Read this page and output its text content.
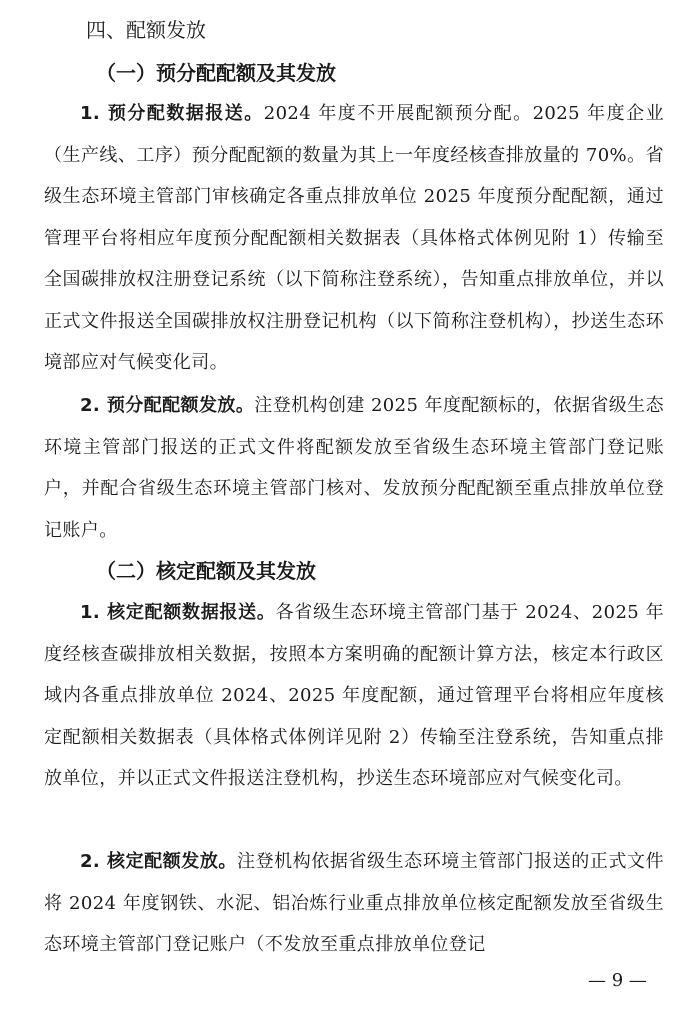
四、配额发放
（一）预分配配额及其发放

1. 预分配数据报送。2024 年度不开展配额预分配。2025 年度企业（生产线、工序）预分配配额的数量为其上一年度经核查排放量的 70%。省级生态环境主管部门审核确定各重点排放单位 2025 年度预分配配额，通过管理平台将相应年度预分配配额相关数据表（具体格式体例见附 1）传输至全国碳排放权注册登记系统（以下简称注登系统），告知重点排放单位，并以正式文件报送全国碳排放权注册登记机构（以下简称注登机构），抄送生态环境部应对气候变化司。

2. 预分配配额发放。注登机构创建 2025 年度配额标的，依据省级生态环境主管部门报送的正式文件将配额发放至省级生态环境主管部门登记账户，并配合省级生态环境主管部门核对、发放预分配配额至重点排放单位登记账户。

（二）核定配额及其发放

1. 核定配额数据报送。各省级生态环境主管部门基于 2024、2025 年度经核查碳排放相关数据，按照本方案明确的配额计算方法，核定本行政区域内各重点排放单位 2024、2025 年度配额，通过管理平台将相应年度核定配额相关数据表（具体格式体例详见附 2）传输至注登系统，告知重点排放单位，并以正式文件报送注登机构，抄送生态环境部应对气候变化司。

2. 核定配额发放。注登机构依据省级生态环境主管部门报送的正式文件将 2024 年度钢铁、水泥、铝冶炼行业重点排放单位核定配额发放至省级生态环境主管部门登记账户（不发放至重点排放单位登记

— 9 —
